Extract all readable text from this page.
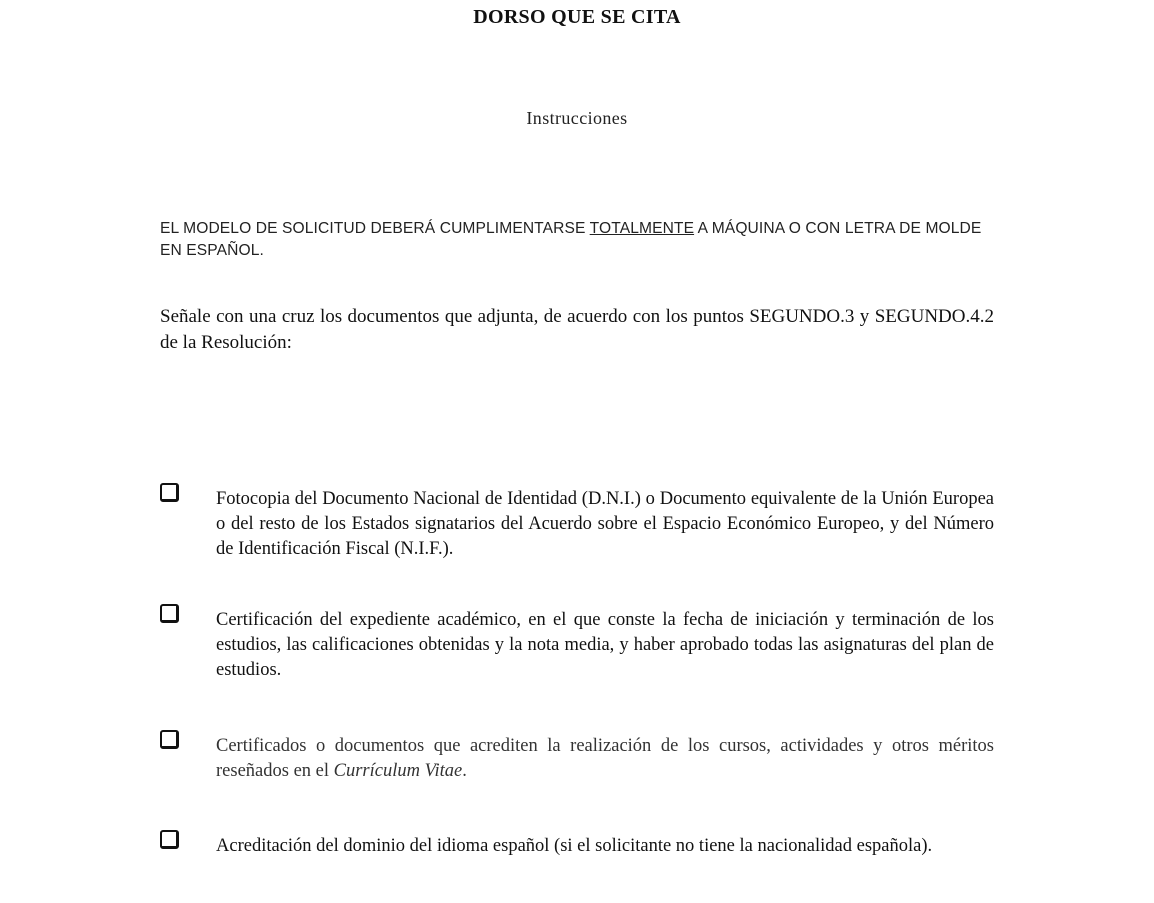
DORSO QUE SE CITA
Instrucciones
EL MODELO DE SOLICITUD DEBERÁ CUMPLIMENTARSE TOTALMENTE A MÁQUINA O CON LETRA DE MOLDE EN ESPAÑOL.
Señale con una cruz los documentos que adjunta, de acuerdo con los puntos SEGUNDO.3 y SEGUNDO.4.2 de la Resolución:
Fotocopia del Documento Nacional de Identidad (D.N.I.) o Documento equivalente de la Unión Europea o del resto de los Estados signatarios del Acuerdo sobre el Espacio Económico Europeo, y del Número de Identificación Fiscal (N.I.F.).
Certificación del expediente académico, en el que conste la fecha de iniciación y terminación de los estudios, las calificaciones obtenidas y la nota media, y haber aprobado todas las asignaturas del plan de estudios.
Certificados o documentos que acrediten la realización de los cursos, actividades y otros méritos reseñados en el Currículum Vitae.
Acreditación del dominio del idioma español (si el solicitante no tiene la nacionalidad española).
